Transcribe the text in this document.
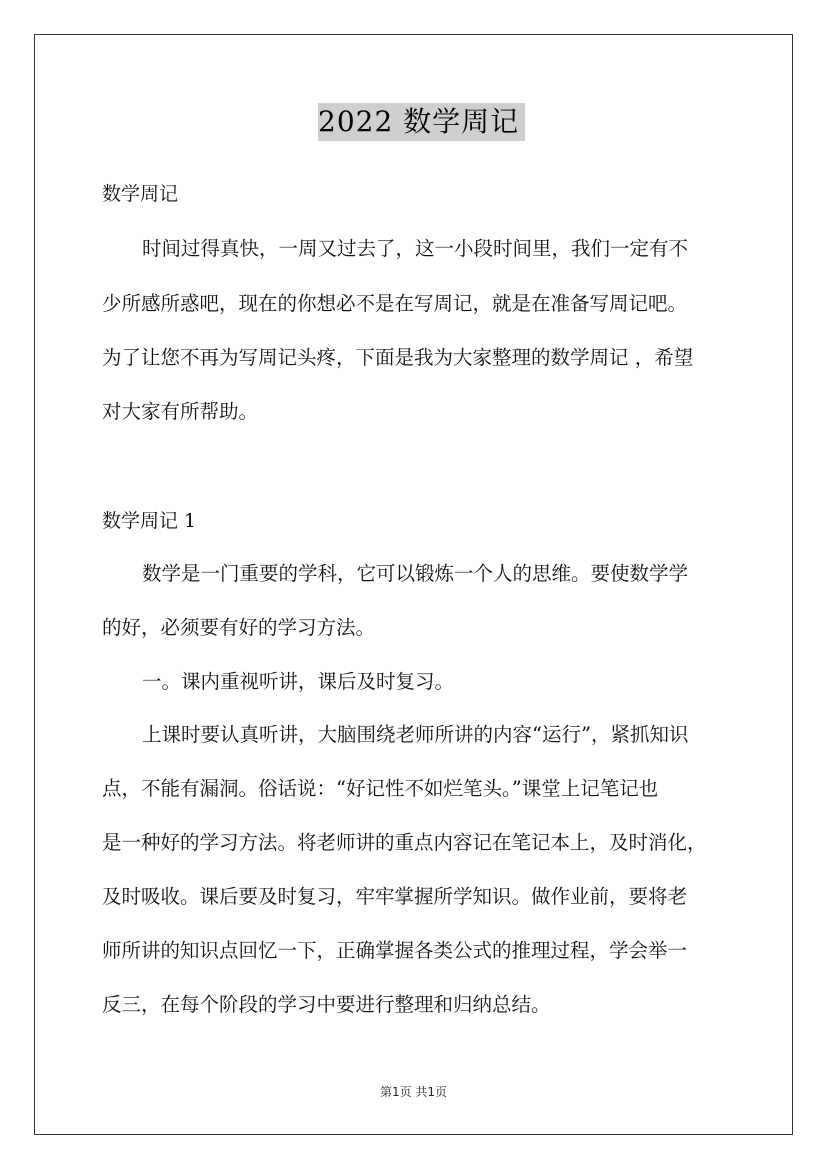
2022 数学周记

数学周记

时间过得真快，一周又过去了，这一小段时间里，我们一定有不

少所感所惑吧，现在的你想必不是在写周记，就是在准备写周记吧。

为了让您不再为写周记头疼，下面是我为大家整理的数学周记 ，希望

对大家有所帮助。

数学周记 1

数学是一门重要的学科，它可以锻炼一个人的思维。要使数学学

的好，必须要有好的学习方法。

一。课内重视听讲，课后及时复习。

上课时要认真听讲，大脑围绕老师所讲的内容“运行”，紧抓知识

点，不能有漏洞。俗话说：“好记性不如烂笔头。”课堂上记笔记也

是一种好的学习方法。将老师讲的重点内容记在笔记本上，及时消化，

及时吸收。课后要及时复习，牢牢掌握所学知识。做作业前，要将老

师所讲的知识点回忆一下，正确掌握各类公式的推理过程，学会举一

反三，在每个阶段的学习中要进行整理和归纳总结。

第1页 共1页
